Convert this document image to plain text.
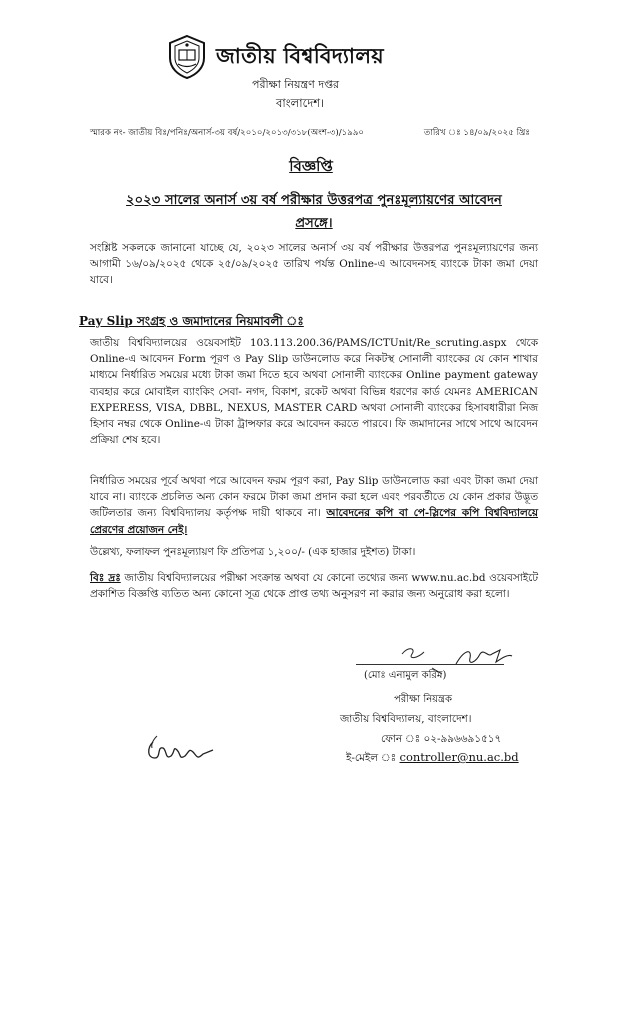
জাতীয় বিশ্ববিদ্যালয়
পরীক্ষা নিয়ন্ত্রণ দপ্তর
বাংলাদেশ।
স্মারক নং- জাতীয় বিঃ/পনিঃ/অনার্স-৩য় বর্ষ/২০১০/২০১৩/৩১৮(অংশ-৩)/১৯৯০	তারিখ ঃ ১৪/০৯/২০২৫ খ্রিঃ
বিজ্ঞপ্তি
২০২৩ সালের অনার্স ৩য় বর্ষ পরীক্ষার উত্তরপত্র পুনঃমূল্যায়ণের আবেদন
প্রসঙ্গে।
সংশ্লিষ্ট সকলকে জানানো যাচ্ছে যে, ২০২৩ সালের অনার্স ৩য় বর্ষ পরীক্ষার উত্তরপত্র পুনঃমূল্যায়ণের জন্য আগামী ১৬/০৯/২০২৫ থেকে ২৫/০৯/২০২৫ তারিখ পর্যন্ত Online-এ আবেদনসহ ব্যাংকে টাকা জমা দেয়া যাবে।
Pay Slip সংগ্রহ ও জমাদানের নিয়মাবলী ঃ
জাতীয় বিশ্ববিদ্যালয়ের ওয়েবসাইট 103.113.200.36/PAMS/ICTUnit/Re_scruting.aspx থেকে Online-এ আবেদন Form পূরণ ও Pay Slip ডাউনলোড করে নিকটস্থ সোনালী ব্যাংকের যে কোন শাখার মাধ্যমে নির্ধারিত সময়ের মধ্যে টাকা জমা দিতে হবে অথবা সোনালী ব্যাংকের Online payment gateway ব্যবহার করে মোবাইল ব্যাংকিং সেবা- নগদ, বিকাশ, রকেট অথবা বিভিন্ন ধরণের কার্ড যেমনঃ AMERICAN EXPERESS, VISA, DBBL, NEXUS, MASTER CARD অথবা সোনালী ব্যাংকের হিসাবধারীরা নিজ হিসাব নম্বর থেকে Online-এ টাকা ট্রান্সফার করে আবেদন করতে পারবে। ফি জমাদানের সাথে সাথে আবেদন প্রক্রিয়া শেষ হবে।
নির্ধারিত সময়ের পূর্বে অথবা পরে আবেদন ফরম পূরণ করা, Pay Slip ডাউনলোড করা এবং টাকা জমা দেয়া যাবে না। ব্যাংকে প্রচলিত অন্য কোন ফরমে টাকা জমা প্রদান করা হলে এবং পরবর্তীতে যে কোন প্রকার উদ্ভূত জটিলতার জন্য বিশ্ববিদ্যালয় কর্তৃপক্ষ দায়ী থাকবে না। আবেদনের কপি বা পে-স্লিপের কপি বিশ্ববিদ্যালয়ে প্রেরণের প্রয়োজন নেই।
উল্লেখ্য, ফলাফল পুনঃমূল্যায়ণ ফি প্রতিপত্র ১,২০০/- (এক হাজার দুইশত) টাকা।
বিঃ দ্রঃ জাতীয় বিশ্ববিদ্যালয়ের পরীক্ষা সংক্রান্ত অথবা যে কোনো তথ্যের জন্য www.nu.ac.bd ওয়েবসাইটে প্রকাশিত বিজ্ঞপ্তি ব্যতিত অন্য কোনো সূত্র থেকে প্রাপ্ত তথ্য অনুসরণ না করার জন্য অনুরোধ করা হলো।
(মোঃ এনামুল করিম)
পরীক্ষা নিয়ন্ত্রক
জাতীয় বিশ্ববিদ্যালয়, বাংলাদেশ।
ফোন ঃ ০২-৯৯৬৬৯১৫১৭
ই-মেইল ঃ controller@nu.ac.bd
